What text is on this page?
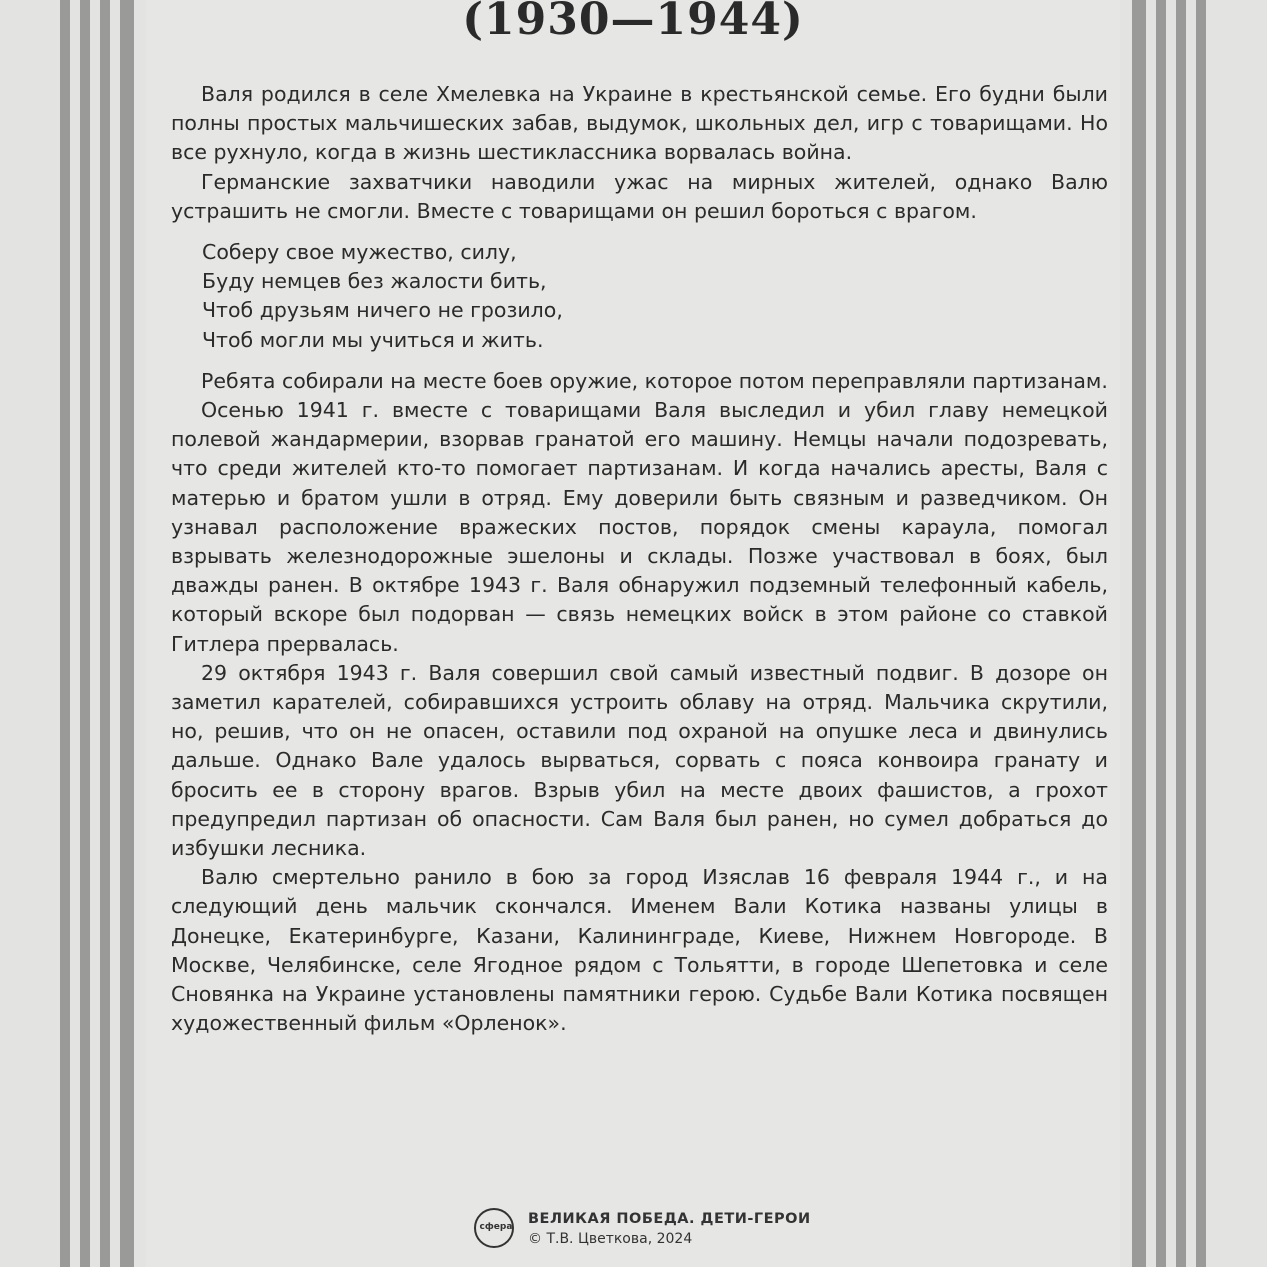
(1930—1944)

Валя родился в селе Хмелевка на Украине в крестьянской семье. Его будни были полны простых мальчишеских забав, выдумок, школьных дел, игр с товарищами. Но все рухнуло, когда в жизнь шестиклассника ворвалась война.

Германские захватчики наводили ужас на мирных жителей, однако Валю устрашить не смогли. Вместе с товарищами он решил бороться с врагом.

Соберу свое мужество, силу,
Буду немцев без жалости бить,
Чтоб друзьям ничего не грозило,
Чтоб могли мы учиться и жить.

Ребята собирали на месте боев оружие, которое потом переправляли партизанам.

Осенью 1941 г. вместе с товарищами Валя выследил и убил главу немецкой полевой жандармерии, взорвав гранатой его машину. Немцы начали подозревать, что среди жителей кто-то помогает партизанам. И когда начались аресты, Валя с матерью и братом ушли в отряд. Ему доверили быть связным и разведчиком. Он узнавал расположение вражеских постов, порядок смены караула, помогал взрывать железнодорожные эшелоны и склады. Позже участвовал в боях, был дважды ранен. В октябре 1943 г. Валя обнаружил подземный телефонный кабель, который вскоре был подорван — связь немецких войск в этом районе со ставкой Гитлера прервалась.

29 октября 1943 г. Валя совершил свой самый известный подвиг. В дозоре он заметил карателей, собиравшихся устроить облаву на отряд. Мальчика скрутили, но, решив, что он не опасен, оставили под охраной на опушке леса и двинулись дальше. Однако Вале удалось вырваться, сорвать с пояса конвоира гранату и бросить ее в сторону врагов. Взрыв убил на месте двоих фашистов, а грохот предупредил партизан об опасности. Сам Валя был ранен, но сумел добраться до избушки лесника.

Валю смертельно ранило в бою за город Изяслав 16 февраля 1944 г., и на следующий день мальчик скончался. Именем Вали Котика названы улицы в Донецке, Екатеринбурге, Казани, Калининграде, Киеве, Нижнем Новгороде. В Москве, Челябинске, селе Ягодное рядом с Тольятти, в городе Шепетовка и селе Сновянка на Украине установлены памятники герою. Судьбе Вали Котика посвящен художественный фильм «Орленок».

сфера ВЕЛИКАЯ ПОБЕДА. ДЕТИ-ГЕРОИ
© Т.В. Цветкова, 2024
